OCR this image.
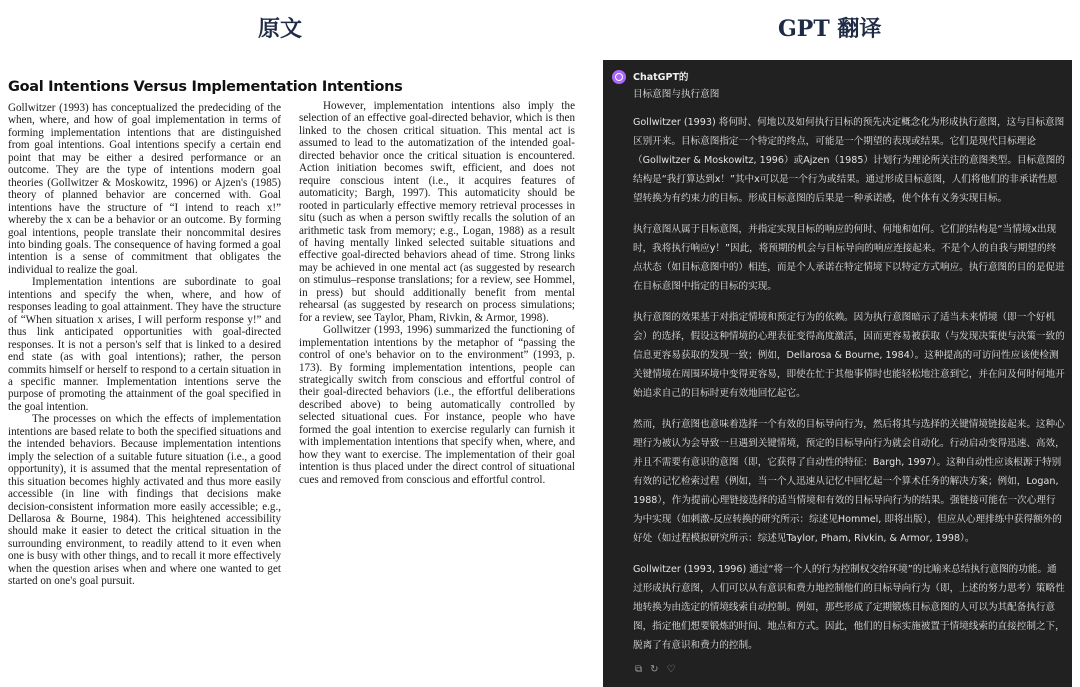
原文	GPT 翻译
Goal Intentions Versus Implementation Intentions

Gollwitzer (1993) has conceptualized the predeciding of the when, where, and how of goal implementation in terms of forming implementation intentions that are distinguished from goal intentions. Goal intentions specify a certain end point that may be either a desired performance or an outcome. They are the type of intentions modern goal theories (Gollwitzer & Moskowitz, 1996) or Ajzen's (1985) theory of planned behavior are concerned with. Goal intentions have the structure of “I intend to reach x!” whereby the x can be a behavior or an outcome. By forming goal intentions, people translate their noncommital desires into binding goals. The consequence of having formed a goal intention is a sense of commitment that obligates the individual to realize the goal.

Implementation intentions are subordinate to goal intentions and specify the when, where, and how of responses leading to goal attainment. They have the structure of “When situation x arises, I will perform response y!” and thus link anticipated opportunities with goal-directed responses. It is not a person's self that is linked to a desired end state (as with goal intentions); rather, the person commits himself or herself to respond to a certain situation in a specific manner. Implementation intentions serve the purpose of promoting the attainment of the goal specified in the goal intention.

The processes on which the effects of implementation intentions are based relate to both the specified situations and the intended behaviors. Because implementation intentions imply the selection of a suitable future situation (i.e., a good opportunity), it is assumed that the mental representation of this situation becomes highly activated and thus more easily accessible (in line with findings that decisions make decision-consistent information more easily accessible; e.g., Dellarosa & Bourne, 1984). This heightened accessibility should make it easier to detect the critical situation in the surrounding environment, to readily attend to it even when one is busy with other things, and to recall it more effectively when the question arises when and where one wanted to get started on one's goal pursuit.

However, implementation intentions also imply the selection of an effective goal-directed behavior, which is then linked to the chosen critical situation. This mental act is assumed to lead to the automatization of the intended goal-directed behavior once the critical situation is encountered. Action initiation becomes swift, efficient, and does not require conscious intent (i.e., it acquires features of automaticity; Bargh, 1997). This automaticity should be rooted in particularly effective memory retrieval processes in situ (such as when a person swiftly recalls the solution of an arithmetic task from memory; e.g., Logan, 1988) as a result of having mentally linked selected suitable situations and effective goal-directed behaviors ahead of time. Strong links may be achieved in one mental act (as suggested by research on stimulus–response translations; for a review, see Hommel, in press) but should additionally benefit from mental rehearsal (as suggested by research on process simulations; for a review, see Taylor, Pham, Rivkin, & Armor, 1998).

Gollwitzer (1993, 1996) summarized the functioning of implementation intentions by the metaphor of “passing the control of one's behavior on to the environment” (1993, p. 173). By forming implementation intentions, people can strategically switch from conscious and effortful control of their goal-directed behaviors (i.e., the effortful deliberations described above) to being automatically controlled by selected situational cues. For instance, people who have formed the goal intention to exercise regularly can furnish it with implementation intentions that specify when, where, and how they want to exercise. The implementation of their goal intention is thus placed under the direct control of situational cues and removed from conscious and effortful control.

ChatGPT的

目标意图与执行意图

Gollwitzer (1993) 将何时、何地以及如何执行目标的预先决定概念化为形成执行意图，这与目标意图区别开来。目标意图指定一个特定的终点，可能是一个期望的表现或结果。它们是现代目标理论（Gollwitzer & Moskowitz, 1996）或Ajzen（1985）计划行为理论所关注的意图类型。目标意图的结构是“我打算达到x！”其中x可以是一个行为或结果。通过形成目标意图，人们将他们的非承诺性愿望转换为有约束力的目标。形成目标意图的后果是一种承诺感，使个体有义务实现目标。

执行意图从属于目标意图，并指定实现目标的响应的何时、何地和如何。它们的结构是“当情境x出现时，我将执行响应y！”因此，将预期的机会与目标导向的响应连接起来。不是个人的自我与期望的终点状态（如目标意图中的）相连，而是个人承诺在特定情境下以特定方式响应。执行意图的目的是促进在目标意图中指定的目标的实现。

执行意图的效果基于对指定情境和预定行为的依赖。因为执行意图暗示了适当未来情境（即一个好机会）的选择，假设这种情境的心理表征变得高度激活，因而更容易被获取（与发现决策使与决策一致的信息更容易获取的发现一致；例如，Dellarosa & Bourne, 1984）。这种提高的可访问性应该使检测关键情境在周围环境中变得更容易，即使在忙于其他事情时也能轻松地注意到它，并在问及何时何地开始追求自己的目标时更有效地回忆起它。

然而，执行意图也意味着选择一个有效的目标导向行为，然后将其与选择的关键情境链接起来。这种心理行为被认为会导致一旦遇到关键情境，预定的目标导向行为就会自动化。行动启动变得迅速、高效，并且不需要有意识的意图（即，它获得了自动性的特征：Bargh, 1997）。这种自动性应该根源于特别有效的记忆检索过程（例如，当一个人迅速从记忆中回忆起一个算术任务的解决方案；例如，Logan, 1988），作为提前心理链接选择的适当情境和有效的目标导向行为的结果。强链接可能在一次心理行为中实现（如刺激-反应转换的研究所示：综述见Hommel, 即将出版），但应从心理排练中获得额外的好处（如过程模拟研究所示：综述见Taylor, Pham, Rivkin, & Armor, 1998）。

Gollwitzer (1993, 1996) 通过“将一个人的行为控制权交给环境”的比喻来总结执行意图的功能。通过形成执行意图，人们可以从有意识和费力地控制他们的目标导向行为（即，上述的努力思考）策略性地转换为由选定的情境线索自动控制。例如，那些形成了定期锻炼目标意图的人可以为其配备执行意图，指定他们想要锻炼的时间、地点和方式。因此，他们的目标实施被置于情境线索的直接控制之下，脱离了有意识和费力的控制。

⧉ ↻ ♡
